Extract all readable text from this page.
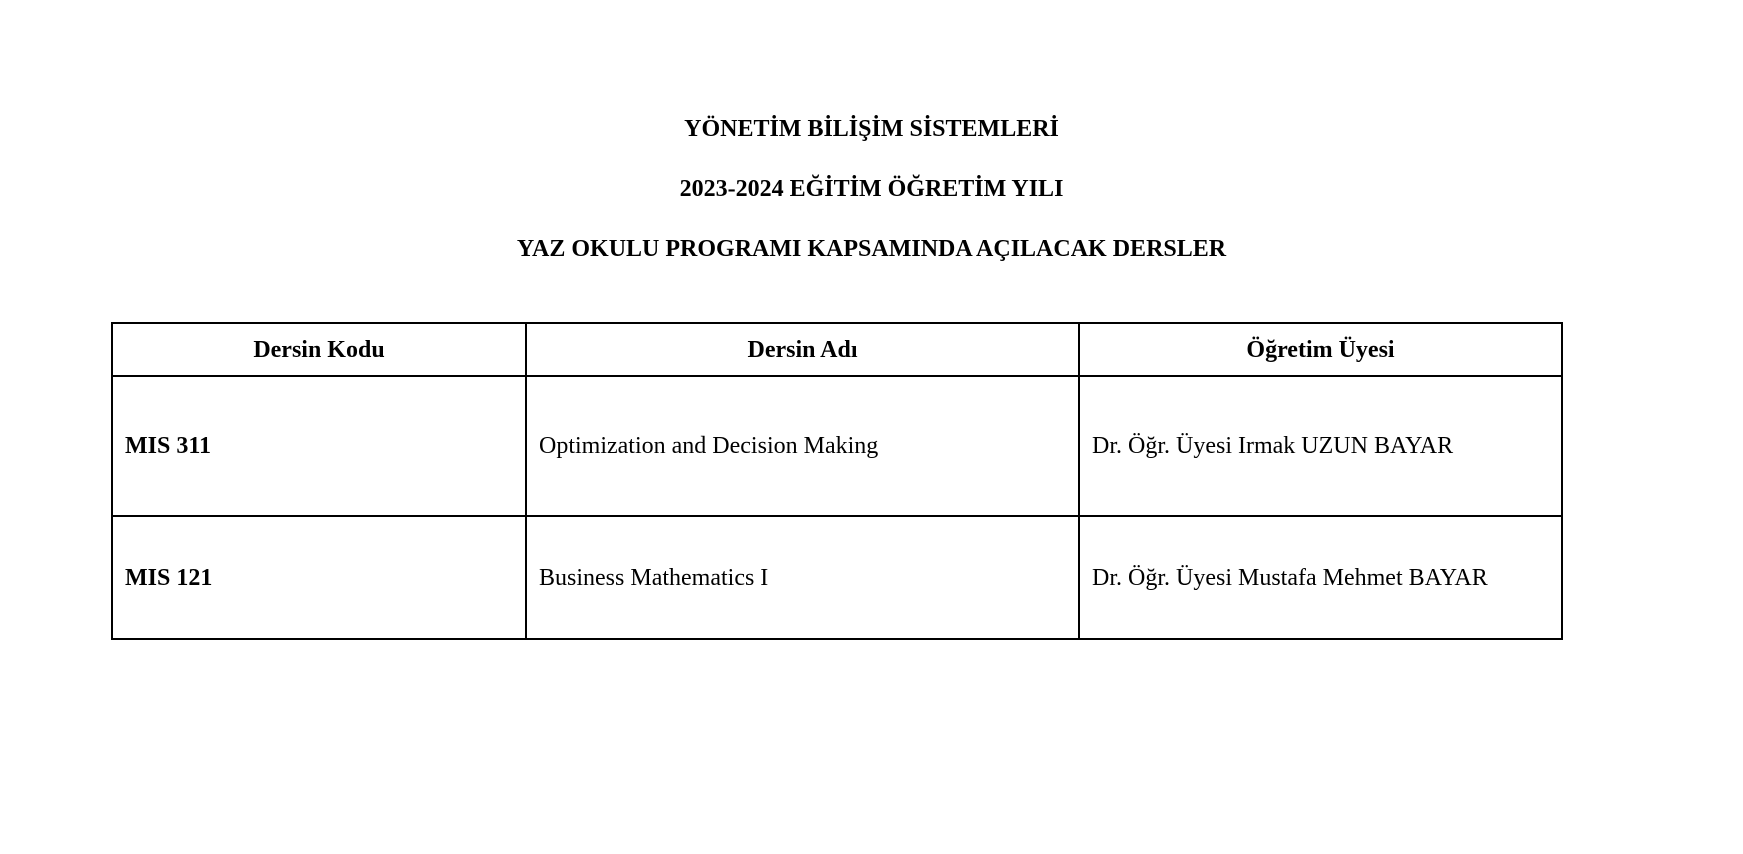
YÖNETİM BİLİŞİM SİSTEMLERİ
2023-2024 EĞİTİM ÖĞRETİM YILI
YAZ OKULU PROGRAMI KAPSAMINDA AÇILACAK DERSLER
Dersin Kodu	Dersin Adı	Öğretim Üyesi
MIS 311	Optimization and Decision Making	Dr. Öğr. Üyesi Irmak UZUN BAYAR
MIS 121	Business Mathematics I	Dr. Öğr. Üyesi Mustafa Mehmet BAYAR
